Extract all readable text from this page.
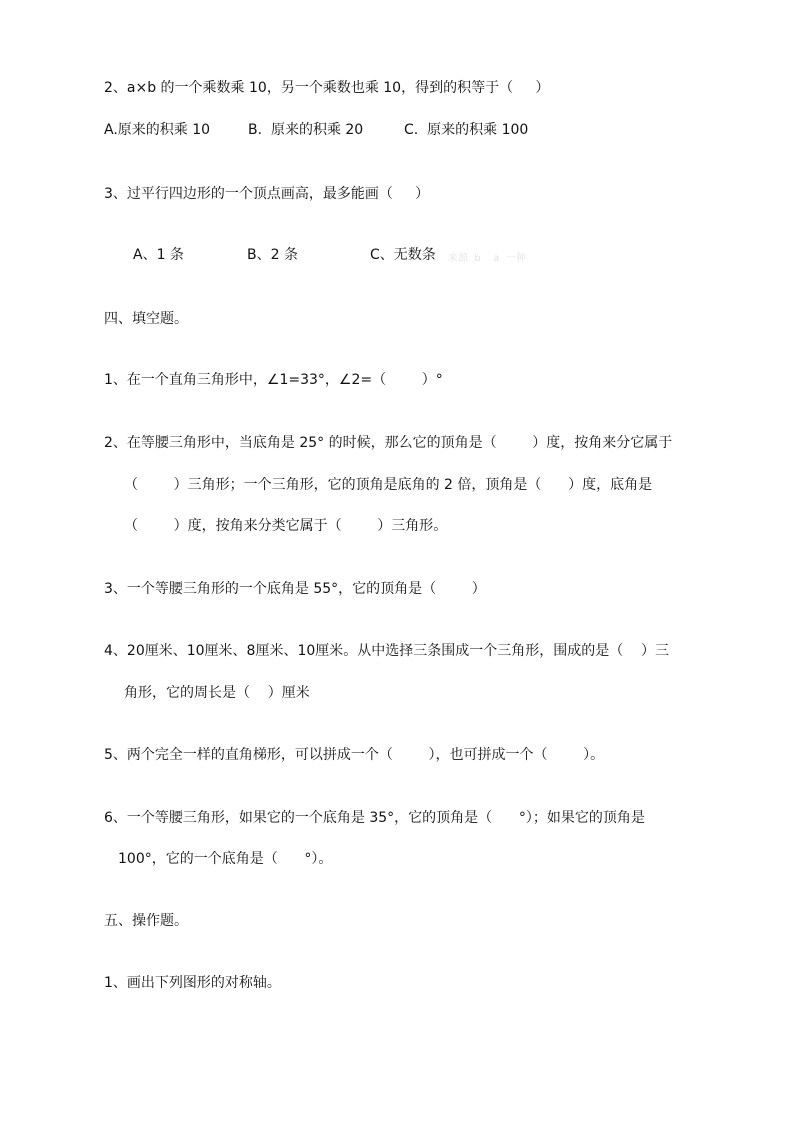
2、a×b 的一个乘数乘 10，另一个乘数也乘 10，得到的积等于（     ）
A.原来的积乘 10	B.  原来的积乘 20	C.  原来的积乘 100
3、过平行四边形的一个顶点画高，最多能画（     ）
A、1 条	B、2 条	C、无数条 来源  b    a  一种
四、填空题。
1、在一个直角三角形中，∠1=33°，∠2=（        ）°
2、在等腰三角形中，当底角是 25° 的时候，那么它的顶角是（        ）度，按角来分它属于
（        ）三角形；一个三角形，它的顶角是底角的 2 倍，顶角是（      ）度，底角是
（        ）度，按角来分类它属于（        ）三角形。
3、一个等腰三角形的一个底角是 55°，它的顶角是（        ）
4、20厘米、10厘米、8厘米、10厘米。从中选择三条围成一个三角形，围成的是（    ）三
角形，它的周长是（    ）厘米
5、两个完全一样的直角梯形，可以拼成一个（        ），也可拼成一个（        ）。
6、一个等腰三角形，如果它的一个底角是 35°，它的顶角是（      °）；如果它的顶角是
100°，它的一个底角是（      °）。
五、操作题。
1、画出下列图形的对称轴。
